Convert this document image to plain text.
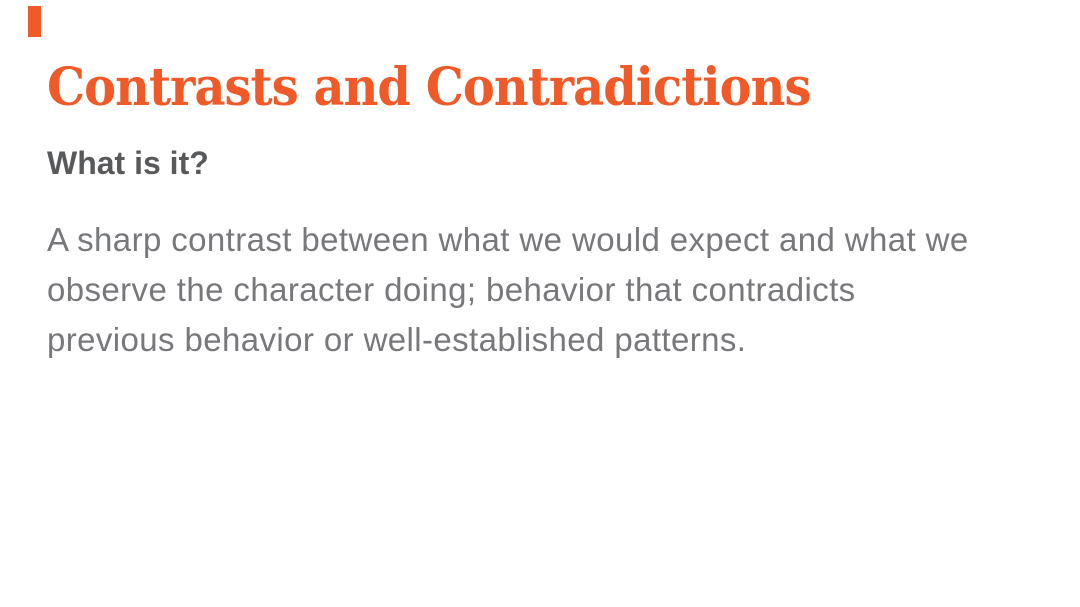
Contrasts and Contradictions
What is it?

A sharp contrast between what we would expect and what we
observe the character doing; behavior that contradicts
previous behavior or well-established patterns.
